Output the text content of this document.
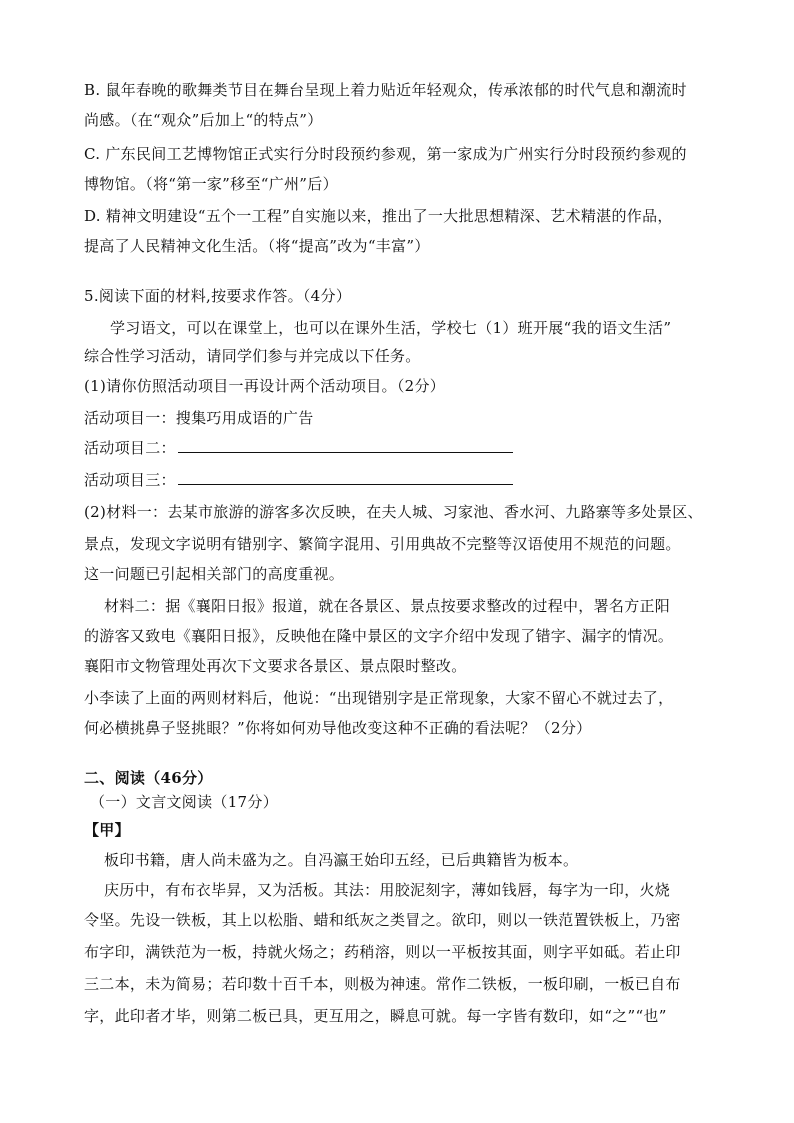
B. 鼠年春晚的歌舞类节目在舞台呈现上着力贴近年轻观众，传承浓郁的时代气息和潮流时
尚感。（在“观众”后加上“的特点”）
C. 广东民间工艺博物馆正式实行分时段预约参观，第一家成为广州实行分时段预约参观的
博物馆。（将“第一家”移至“广州”后）
D. 精神文明建设“五个一工程”自实施以来，推出了一大批思想精深、艺术精湛的作品，
提高了人民精神文化生活。（将“提高”改为“丰富”）
5.阅读下面的材料,按要求作答。（4分）
学习语文，可以在课堂上，也可以在课外生活，学校七（1）班开展“我的语文生活”
综合性学习活动，请同学们参与并完成以下任务。
(1)请你仿照活动项目一再设计两个活动项目。（2分）
活动项目一：搜集巧用成语的广告
活动项目二：
活动项目三：
(2)材料一：去某市旅游的游客多次反映，在夫人城、习家池、香水河、九路寨等多处景区、
景点，发现文字说明有错别字、繁简字混用、引用典故不完整等汉语使用不规范的问题。
这一问题已引起相关部门的高度重视。
材料二：据《襄阳日报》报道，就在各景区、景点按要求整改的过程中，署名方正阳
的游客又致电《襄阳日报》，反映他在隆中景区的文字介绍中发现了错字、漏字的情况。
襄阳市文物管理处再次下文要求各景区、景点限时整改。
小李读了上面的两则材料后，他说：“出现错别字是正常现象，大家不留心不就过去了，
何必横挑鼻子竖挑眼？”你将如何劝导他改变这种不正确的看法呢？（2分）
二、阅读（46分）
（一）文言文阅读（17分）
【甲】
板印书籍，唐人尚未盛为之。自冯瀛王始印五经，已后典籍皆为板本。
庆历中，有布衣毕昇，又为活板。其法：用胶泥刻字，薄如钱唇，每字为一印，火烧
令坚。先设一铁板，其上以松脂、蜡和纸灰之类冒之。欲印，则以一铁范置铁板上，乃密
布字印，满铁范为一板，持就火炀之；药稍溶，则以一平板按其面，则字平如砥。若止印
三二本，未为简易；若印数十百千本，则极为神速。常作二铁板，一板印刷，一板已自布
字，此印者才毕，则第二板已具，更互用之，瞬息可就。每一字皆有数印，如“之”“也”
